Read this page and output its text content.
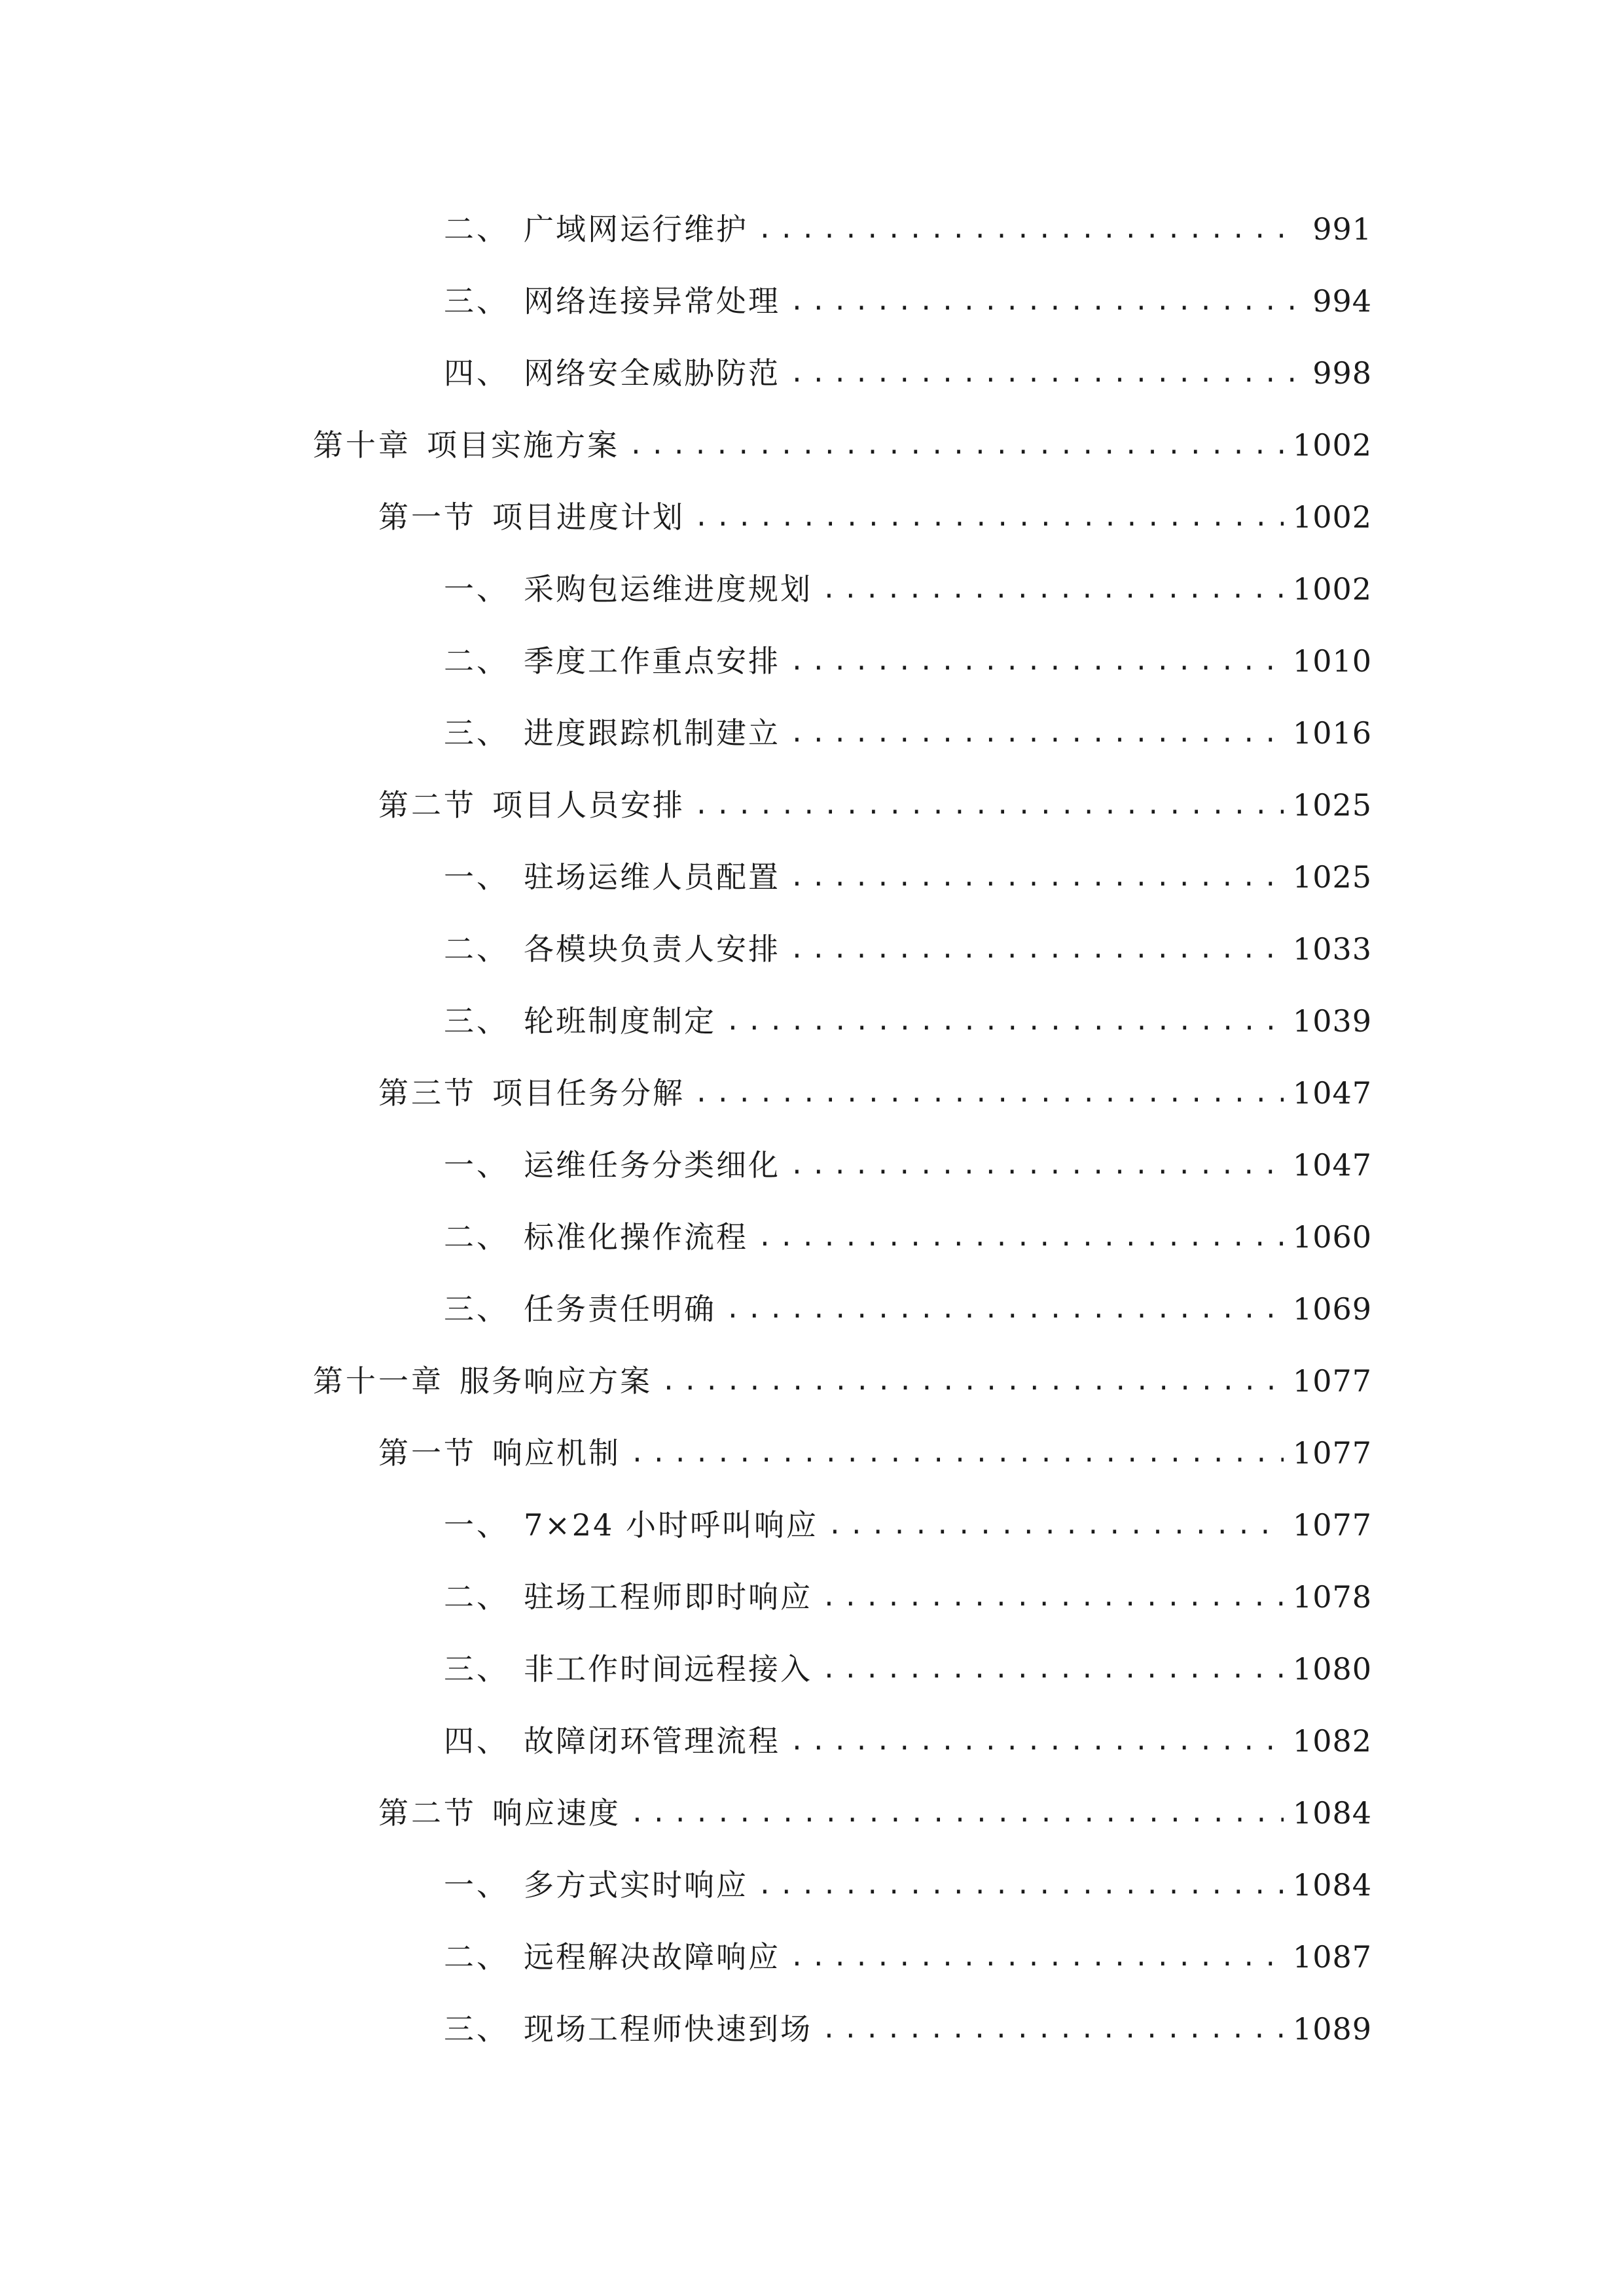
二、 广域网运行维护 .....	991
三、 网络连接异常处理 .....	994
四、 网络安全威胁防范 .....	998
第十章 项目实施方案 .....	1002
第一节 项目进度计划 .....	1002
一、 采购包运维进度规划 .....	1002
二、 季度工作重点安排 .....	1010
三、 进度跟踪机制建立 .....	1016
第二节 项目人员安排 .....	1025
一、 驻场运维人员配置 .....	1025
二、 各模块负责人安排 .....	1033
三、 轮班制度制定 .....	1039
第三节 项目任务分解 .....	1047
一、 运维任务分类细化 .....	1047
二、 标准化操作流程 .....	1060
三、 任务责任明确 .....	1069
第十一章 服务响应方案 .....	1077
第一节 响应机制 .....	1077
一、 7×24 小时呼叫响应 .....	1077
二、 驻场工程师即时响应 .....	1078
三、 非工作时间远程接入 .....	1080
四、 故障闭环管理流程 .....	1082
第二节 响应速度 .....	1084
一、 多方式实时响应 .....	1084
二、 远程解决故障响应 .....	1087
三、 现场工程师快速到场 .....	1089
